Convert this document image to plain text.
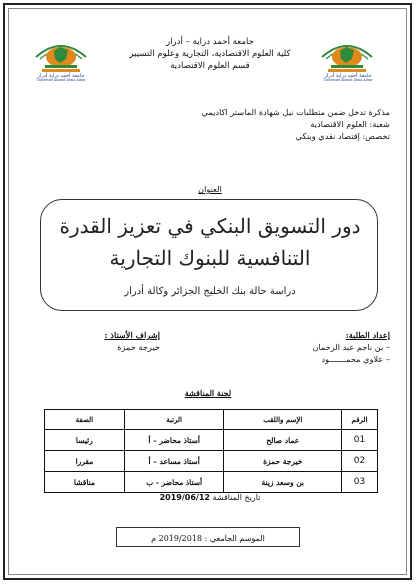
جامعة أحمد دراية أدرار
Université Ahmed Draia Adrar
جامعة أحمد دراية أدرار
Université Ahmed Draia Adrar
جامعة أحمد دراية – أدرار
كلية العلوم الاقتصادية، التجارية وعلوم التسيير
قسم العلوم الاقتصادية
مذكرة تدخل ضمن متطلبات نيل شهادة الماستر اكاديمي
شعبة: العلوم الاقتصادية
تخصص: إقتصاد نقدي وبنكي
العنوان
دور التسويق البنكي في تعزيز القدرة
التنافسية للبنوك التجارية
دراسة حالة بنك الخليج الجزائر وكالة أدرار
إعداد الطلبة:
– بن ناجم عبد الرحمان
– علاوي محمـــــــود
إشراف الأستاذ :
خيرجة حمزة
لجنة المناقشة
الرقم	الإسم واللقب	الرتبة	الصفة
01	عماد صالح	أستاذ محاضر – أ	رئيسا
02	خيرجة حمزة	أستاذ مساعد – أ	مقررا
03	بن وسعد زينة	أستاذ محاضر - ب	مناقشا
تاريخ المناقشة 2019/06/12
الموسم الجامعي : 2019/2018 م
